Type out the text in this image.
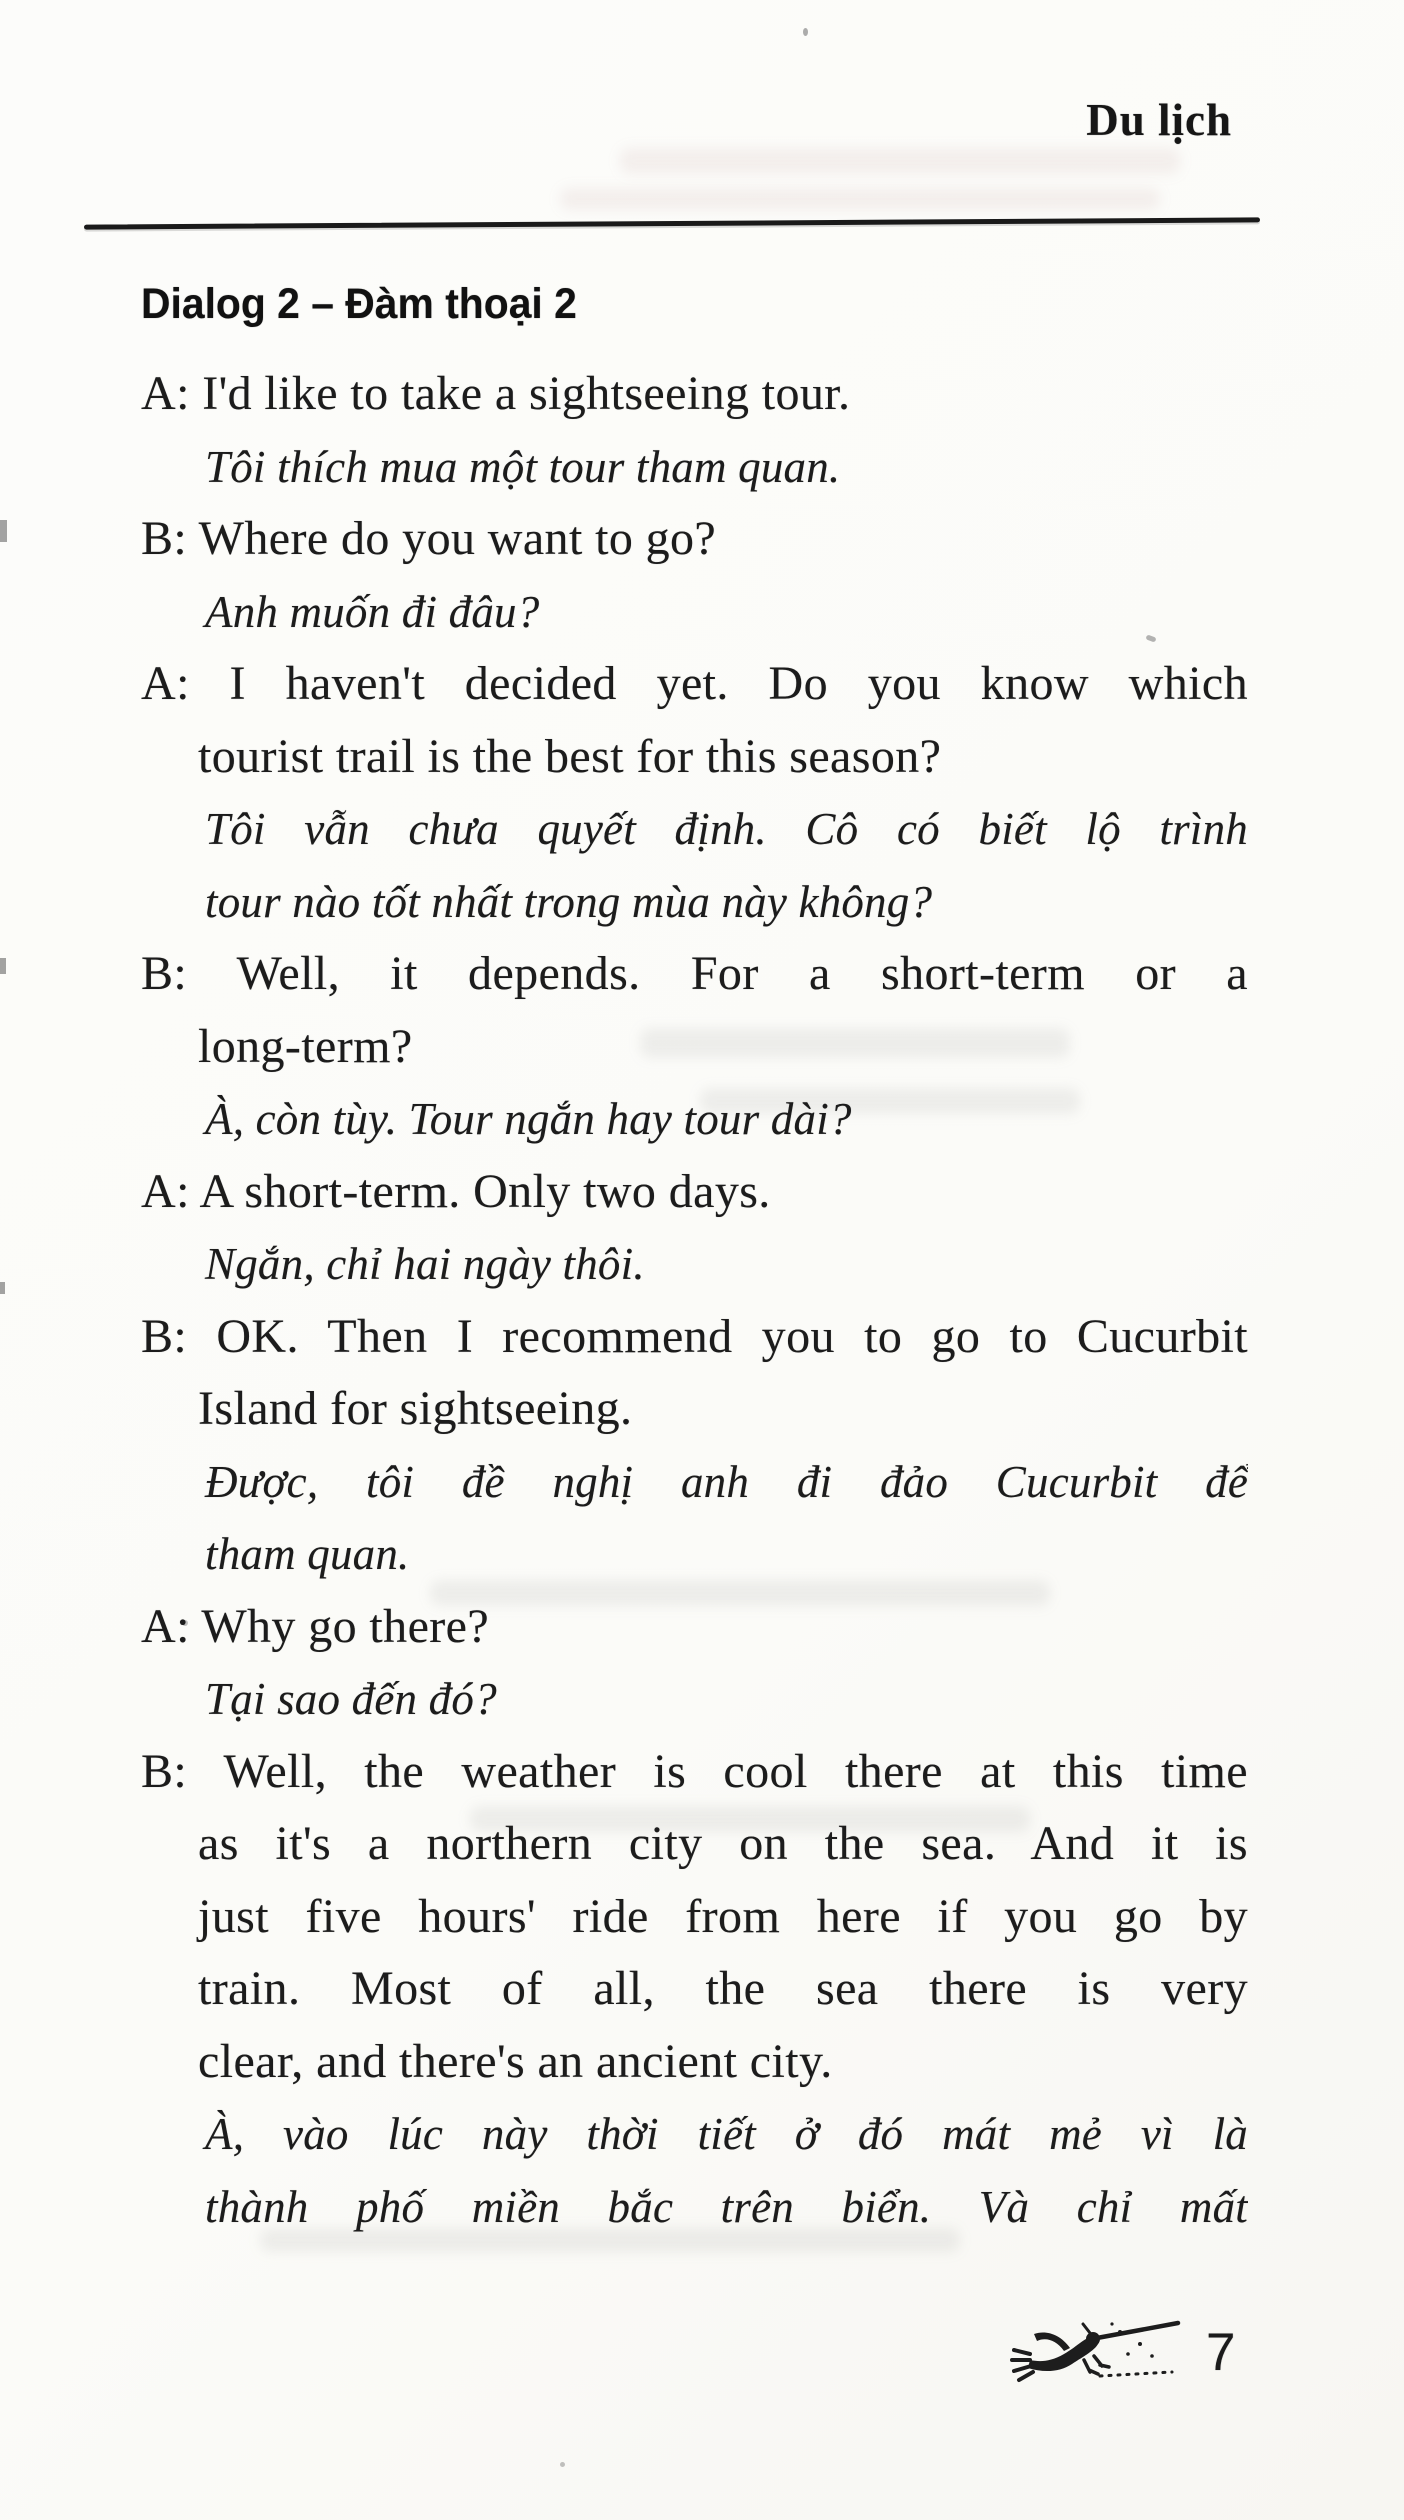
Du lịch
Dialog 2 – Đàm thoại 2
A: I'd like to take a sightseeing tour.
Tôi thích mua một tour tham quan.
B: Where do you want to go?
Anh muốn đi đâu?
A: I haven't decided yet. Do you know which
tourist trail is the best for this season?
Tôi vẫn chưa quyết định. Cô có biết lộ trình
tour nào tốt nhất trong mùa này không?
B: Well, it depends. For a short-term or a
long-term?
À, còn tùy. Tour ngắn hay tour dài?
A: A short-term. Only two days.
Ngắn, chỉ hai ngày thôi.
B: OK. Then I recommend you to go to Cucurbit
Island for sightseeing.
Được, tôi đề nghị anh đi đảo Cucurbit để
tham quan.
A: Why go there?
Tại sao đến đó?
B: Well, the weather is cool there at this time
as it's a northern city on the sea. And it is
just five hours' ride from here if you go by
train. Most of all, the sea there is very
clear, and there's an ancient city.
À, vào lúc này thời tiết ở đó mát mẻ vì là
thành phố miền bắc trên biển. Và chỉ mất
7
